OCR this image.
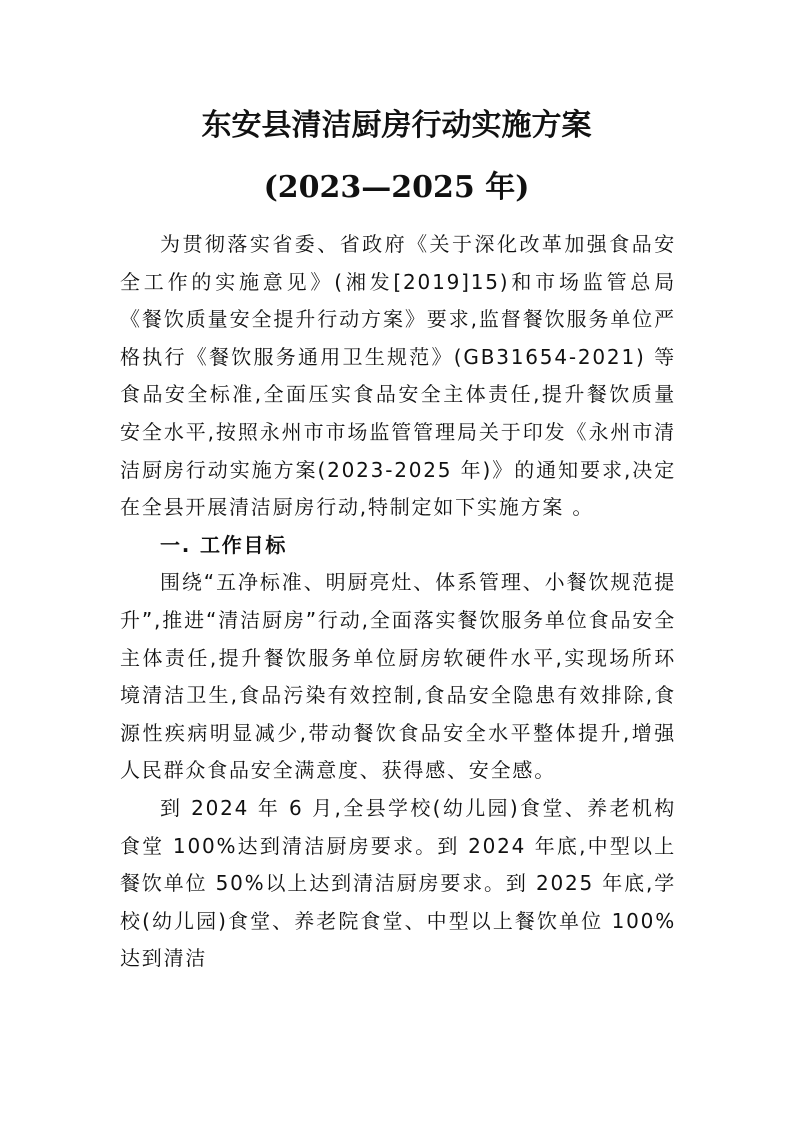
东安县清洁厨房行动实施方案
(2023—2025 年)

为贯彻落实省委、省政府《关于深化改革加强食品安全工作的实施意见》(湘发[2019]15)和市场监管总局《餐饮质量安全提升行动方案》要求,监督餐饮服务单位严格执行《餐饮服务通用卫生规范》(GB31654-2021) 等食品安全标准,全面压实食品安全主体责任,提升餐饮质量安全水平,按照永州市市场监管管理局关于印发《永州市清洁厨房行动实施方案(2023-2025 年)》的通知要求,决定在全县开展清洁厨房行动,特制定如下实施方案 。

一. 工作目标

围绕“五净标准、明厨亮灶、体系管理、小餐饮规范提升”,推进“清洁厨房”行动,全面落实餐饮服务单位食品安全主体责任,提升餐饮服务单位厨房软硬件水平,实现场所环境清洁卫生,食品污染有效控制,食品安全隐患有效排除,食源性疾病明显减少,带动餐饮食品安全水平整体提升,增强人民群众食品安全满意度、获得感、安全感。

到 2024 年 6 月,全县学校(幼儿园)食堂、养老机构食堂 100%达到清洁厨房要求。到 2024 年底,中型以上餐饮单位 50%以上达到清洁厨房要求。到 2025 年底,学校(幼儿园)食堂、养老院食堂、中型以上餐饮单位 100%达到清洁
